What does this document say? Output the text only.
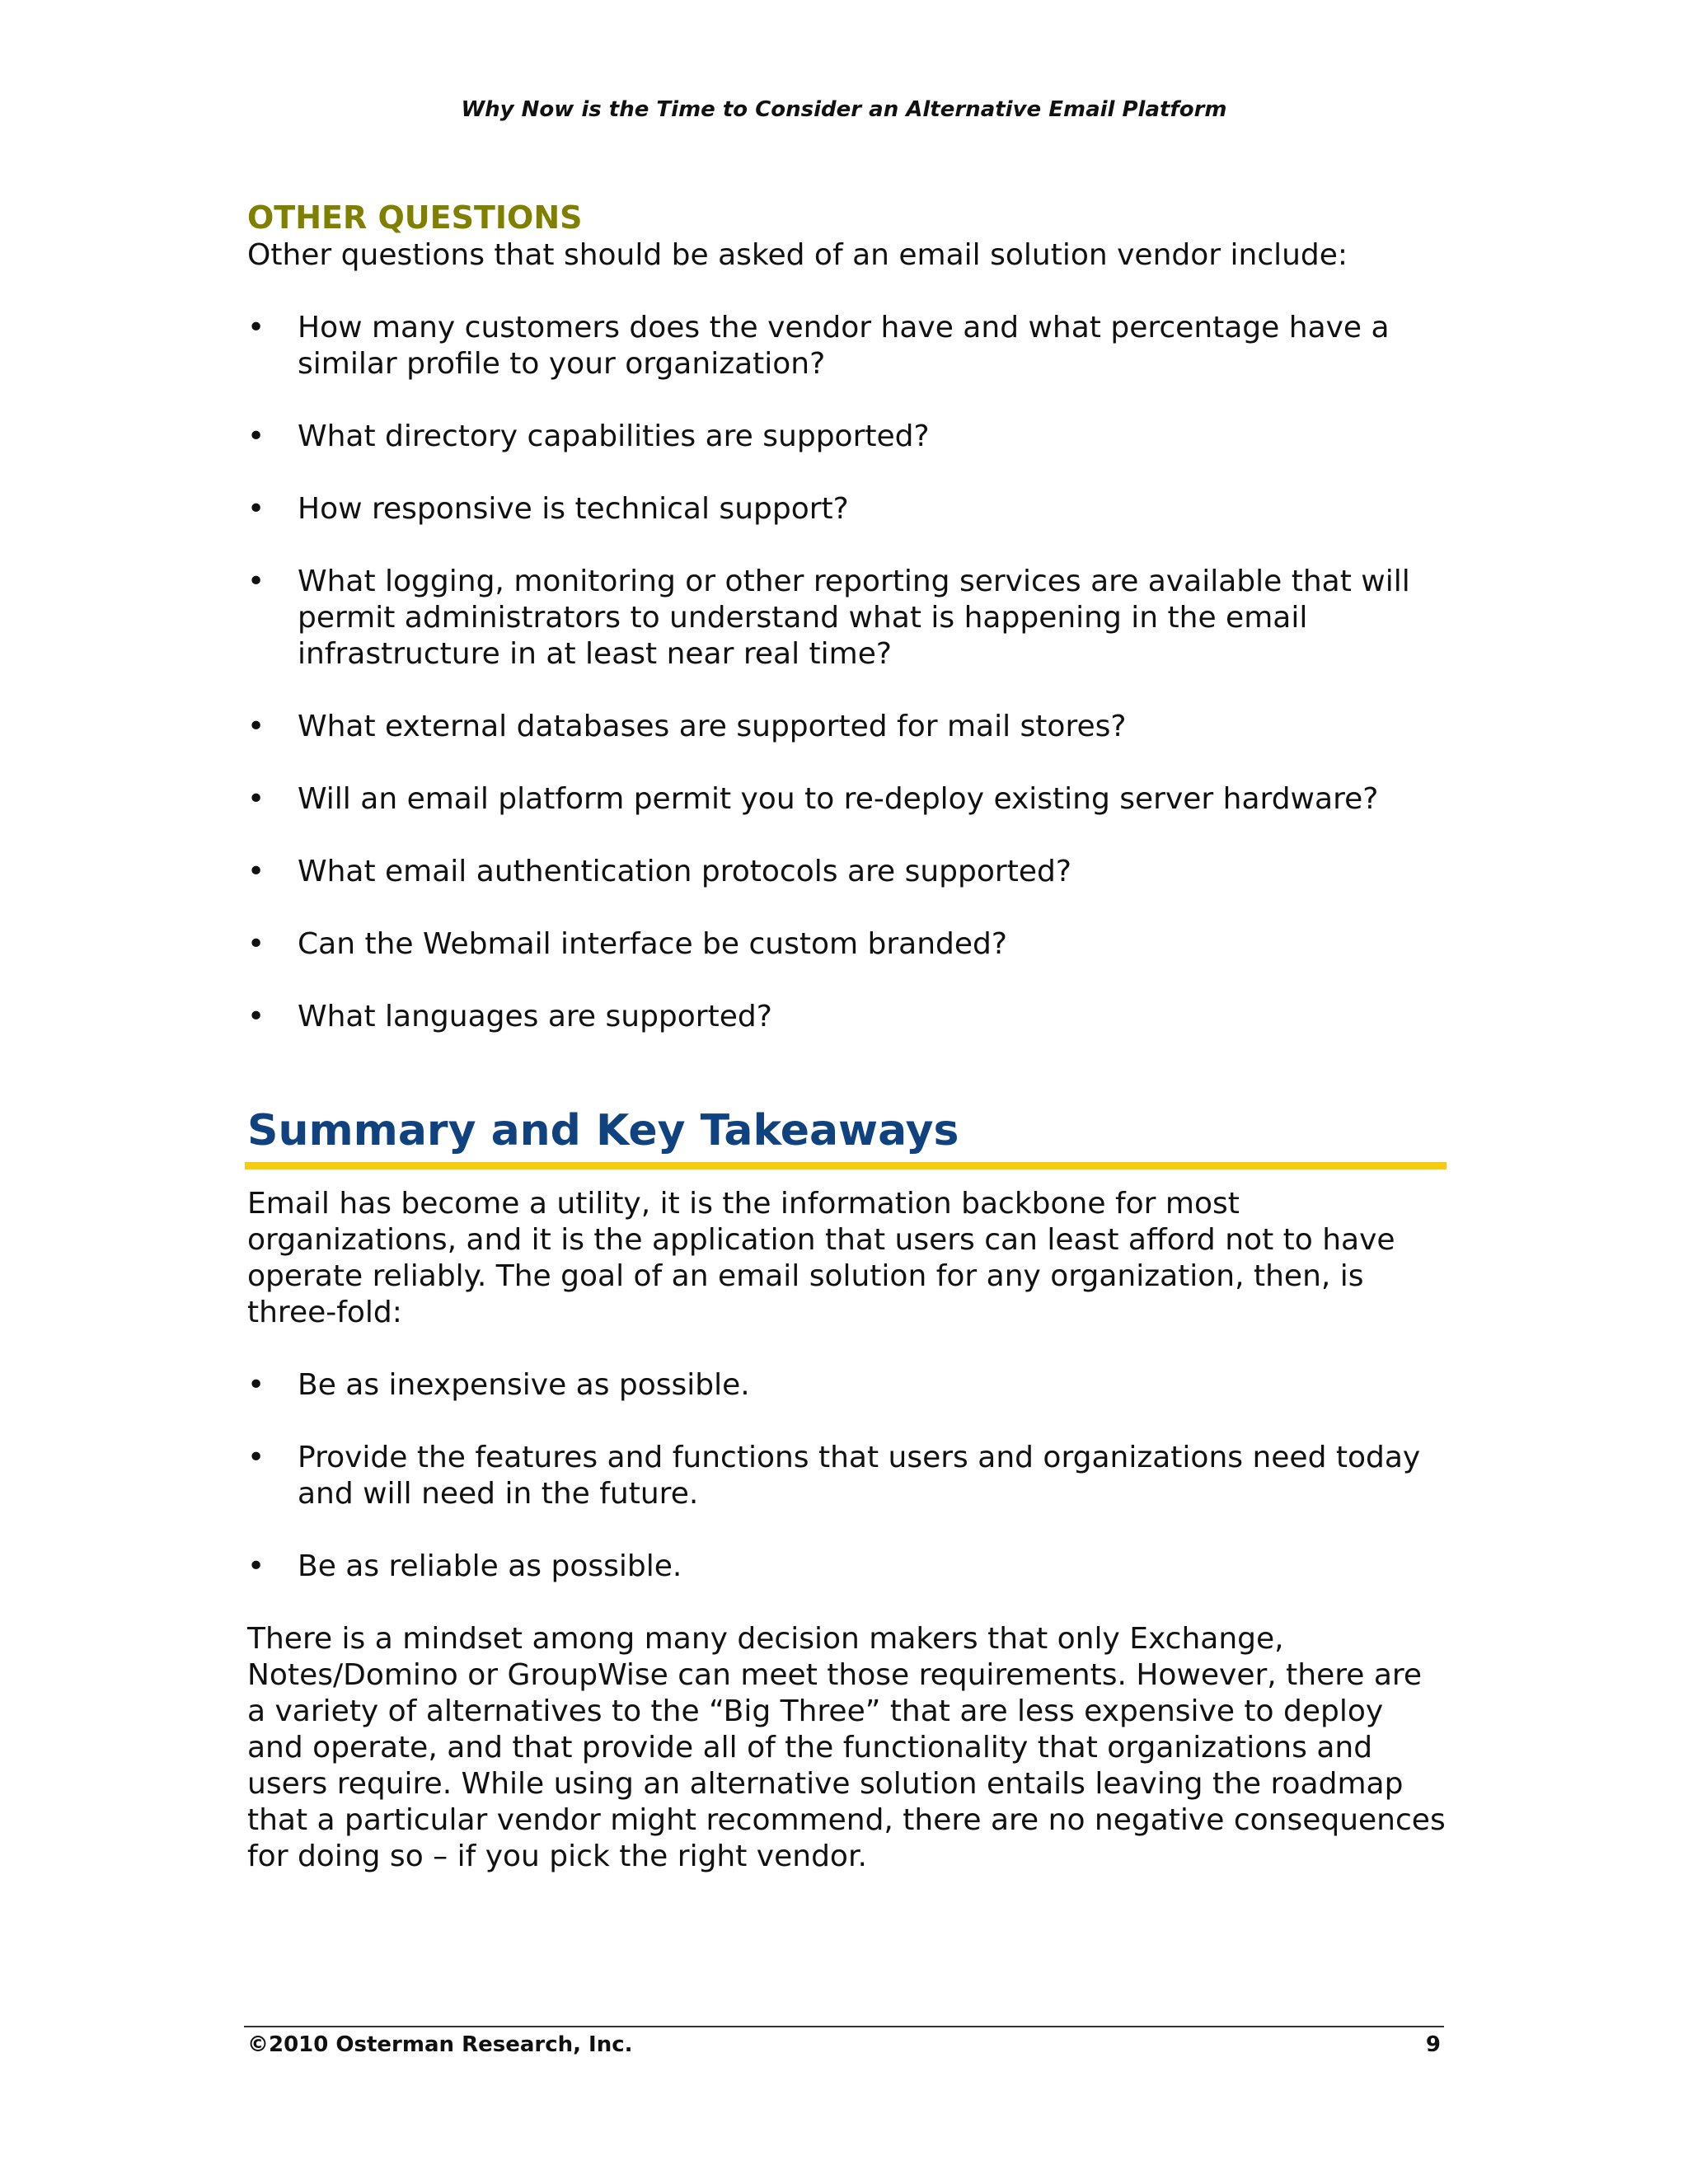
Why Now is the Time to Consider an Alternative Email Platform
OTHER QUESTIONS

Other questions that should be asked of an email solution vendor include:

• How many customers does the vendor have and what percentage have a similar profile to your organization?
• What directory capabilities are supported?
• How responsive is technical support?
• What logging, monitoring or other reporting services are available that will permit administrators to understand what is happening in the email infrastructure in at least near real time?
• What external databases are supported for mail stores?
• Will an email platform permit you to re-deploy existing server hardware?
• What email authentication protocols are supported?
• Can the Webmail interface be custom branded?
• What languages are supported?
Summary and Key Takeaways

Email has become a utility, it is the information backbone for most organizations, and it is the application that users can least afford not to have operate reliably. The goal of an email solution for any organization, then, is three-fold:

• Be as inexpensive as possible.
• Provide the features and functions that users and organizations need today and will need in the future.
• Be as reliable as possible.

There is a mindset among many decision makers that only Exchange, Notes/Domino or GroupWise can meet those requirements. However, there are a variety of alternatives to the “Big Three” that are less expensive to deploy and operate, and that provide all of the functionality that organizations and users require. While using an alternative solution entails leaving the roadmap that a particular vendor might recommend, there are no negative consequences for doing so – if you pick the right vendor.

©2010 Osterman Research, Inc.	9
